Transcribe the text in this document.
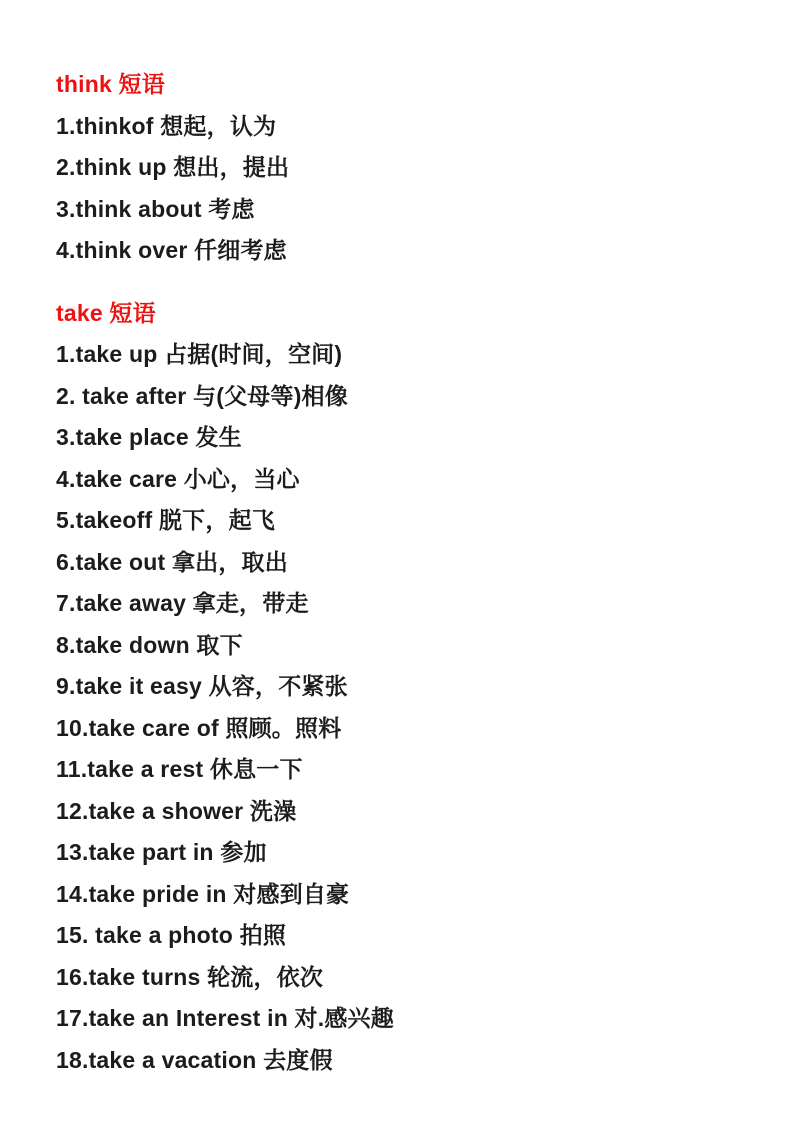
think 短语
1.thinkof 想起，认为
2.think up 想出，提出
3.think about 考虑
4.think over 仟细考虑
take 短语
1.take up 占据(时间，空间)
2. take after 与(父母等)相像
3.take place 发生
4.take care 小心，当心
5.takeoff 脱下，起飞
6.take out 拿出，取出
7.take away 拿走，带走
8.take down 取下
9.take it easy 从容，不紧张
10.take care of 照顾。照料
11.take a rest 休息一下
12.take a shower 洗澡
13.take part in 参加
14.take pride in 对感到自豪
15. take a photo 拍照
16.take turns 轮流，依次
17.take an Interest in 对.感兴趣
18.take a vacation 去度假
